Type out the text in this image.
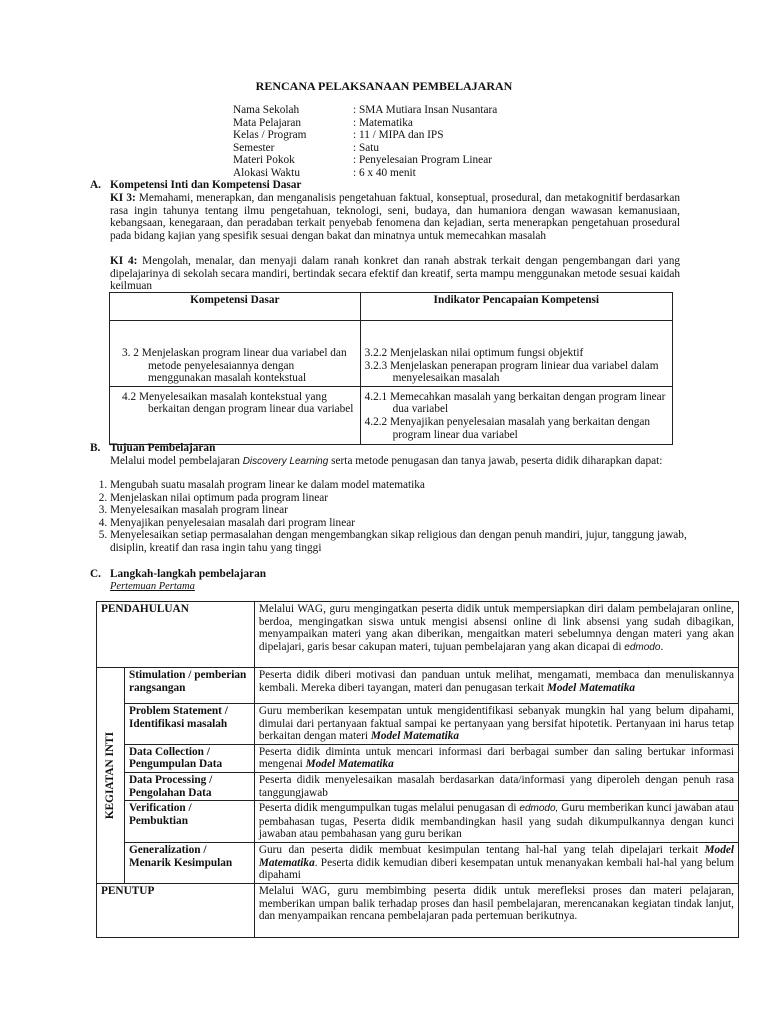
RENCANA PELAKSANAAN PEMBELAJARAN
Nama Sekolah	: SMA Mutiara Insan Nusantara
Mata Pelajaran	: Matematika
Kelas / Program	: 11 / MIPA dan IPS
Semester	: Satu
Materi Pokok	: Penyelesaian Program Linear
Alokasi Waktu	: 6 x 40 menit
A. Kompetensi Inti dan Kompetensi Dasar
KI 3: Memahami, menerapkan, dan menganalisis pengetahuan faktual, konseptual, prosedural, dan metakognitif berdasarkan rasa ingin tahunya tentang ilmu pengetahuan, teknologi, seni, budaya, dan humaniora dengan wawasan kemanusiaan, kebangsaan, kenegaraan, dan peradaban terkait penyebab fenomena dan kejadian, serta menerapkan pengetahuan prosedural pada bidang kajian yang spesifik sesuai dengan bakat dan minatnya untuk memecahkan masalah
KI 4: Mengolah, menalar, dan menyaji dalam ranah konkret dan ranah abstrak terkait dengan pengembangan dari yang dipelajarinya di sekolah secara mandiri, bertindak secara efektif dan kreatif, serta mampu menggunakan metode sesuai kaidah keilmuan
Kompetensi Dasar	Indikator Pencapaian Kompetensi

3. 2 Menjelaskan program linear dua variabel dan metode penyelesaiannya dengan menggunakan masalah kontekstual	3.2.2 Menjelaskan nilai optimum fungsi objektif
3.2.3 Menjelaskan penerapan program liniear dua variabel dalam menyelesaikan masalah

4.2 Menyelesaikan masalah kontekstual yang berkaitan dengan program linear dua variabel	4.2.1 Memecahkan masalah yang berkaitan dengan program linear dua variabel
4.2.2 Menyajikan penyelesaian masalah yang berkaitan dengan program linear dua variabel
B. Tujuan Pembelajaran
Melalui model pembelajaran Discovery Learning serta metode penugasan dan tanya jawab, peserta didik diharapkan dapat:
1. Mengubah suatu masalah program linear ke dalam model matematika
2. Menjelaskan nilai optimum pada program linear
3. Menyelesaikan masalah program linear
4. Menyajikan penyelesaian masalah dari program linear
5. Menyelesaikan setiap permasalahan dengan mengembangkan sikap religious dan dengan penuh mandiri, jujur, tanggung jawab, disiplin, kreatif dan rasa ingin tahu yang tinggi
C. Langkah-langkah pembelajaran
Pertemuan Pertama
PENDAHULUAN		Melalui WAG, guru mengingatkan peserta didik untuk mempersiapkan diri dalam pembelajaran online, berdoa, mengingatkan siswa untuk mengisi absensi online di link absensi yang sudah dibagikan, menyampaikan materi yang akan diberikan, mengaitkan materi sebelumnya dengan materi yang akan dipelajari, garis besar cakupan materi, tujuan pembelajaran yang akan dicapai di edmodo.

KEGIATAN INTI	Stimulation / pemberian rangsangan	Peserta didik diberi motivasi dan panduan untuk melihat, mengamati, membaca dan menuliskannya kembali. Mereka diberi tayangan, materi dan penugasan terkait Model Matematika
	Problem Statement / Identifikasi masalah	Guru memberikan kesempatan untuk mengidentifikasi sebanyak mungkin hal yang belum dipahami, dimulai dari pertanyaan faktual sampai ke pertanyaan yang bersifat hipotetik. Pertanyaan ini harus tetap berkaitan dengan materi Model Matematika
	Data Collection / Pengumpulan Data	Peserta didik diminta untuk mencari informasi dari berbagai sumber dan saling bertukar informasi mengenai Model Matematika
	Data Processing / Pengolahan Data	Peserta didik menyelesaikan masalah berdasarkan data/informasi yang diperoleh dengan penuh rasa tanggungjawab
	Verification / Pembuktian	Peserta didik mengumpulkan tugas melalui penugasan di edmodo, Guru memberikan kunci jawaban atau pembahasan tugas, Peserta didik membandingkan hasil yang sudah dikumpulkannya dengan kunci jawaban atau pembahasan yang guru berikan
	Generalization / Menarik Kesimpulan	Guru dan peserta didik membuat kesimpulan tentang hal-hal yang telah dipelajari terkait Model Matematika. Peserta didik kemudian diberi kesempatan untuk menanyakan kembali hal-hal yang belum dipahami
PENUTUP		Melalui WAG, guru membimbing peserta didik untuk merefleksi proses dan materi pelajaran, memberikan umpan balik terhadap proses dan hasil pembelajaran, merencanakan kegiatan tindak lanjut, dan menyampaikan rencana pembelajaran pada pertemuan berikutnya.
